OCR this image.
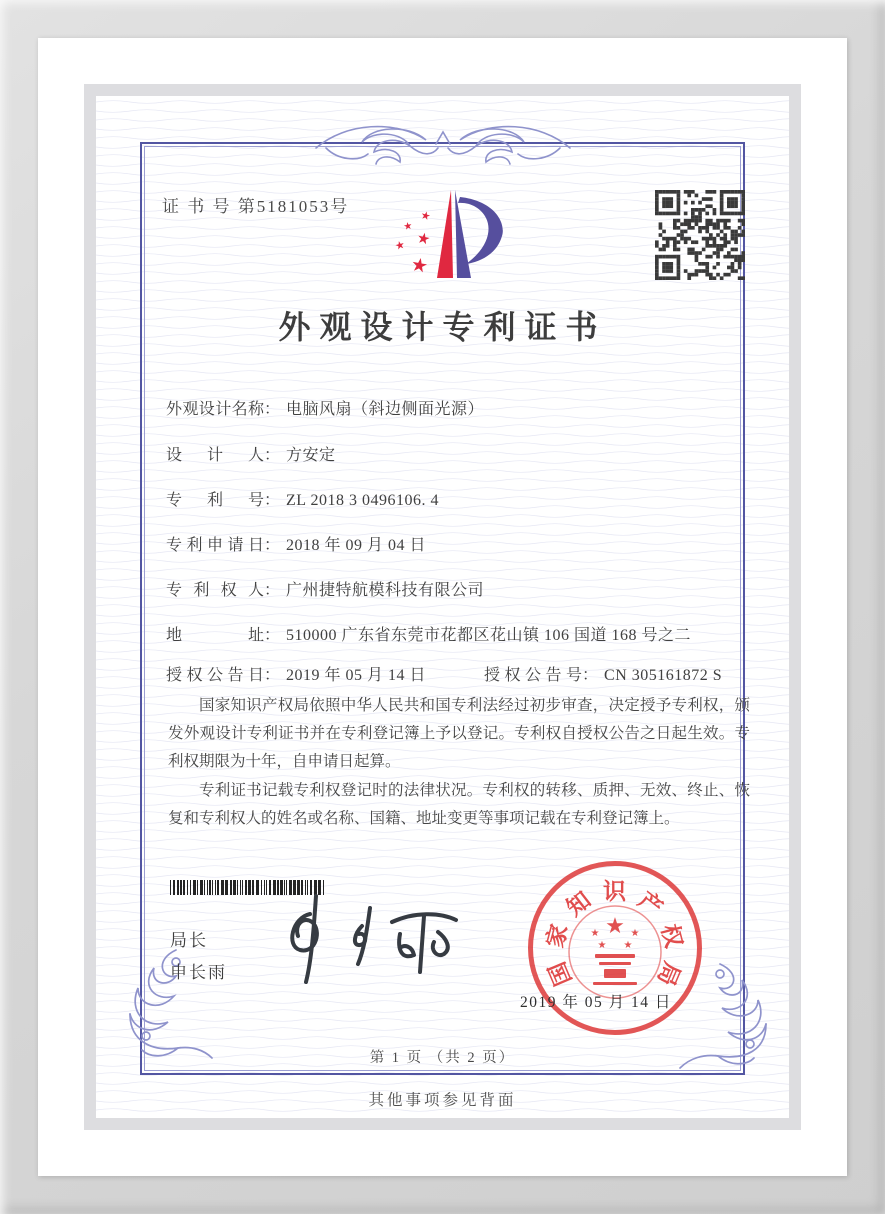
证 书 号 第5181053号
★
★
★
★
★
外观设计专利证书
外观设计名称： 电脑风扇（斜边侧面光源）
设计人： 方安定
专利号： ZL 2018 3 0496106. 4
专利申请日： 2018 年 09 月 04 日
专利权人： 广州捷特航模科技有限公司
地址： 510000 广东省东莞市花都区花山镇 106 国道 168 号之二
授权公告日： 2019 年 05 月 14 日	授权公告号： CN 305161872 S

国家知识产权局依照中华人民共和国专利法经过初步审查，决定授予专利权，颁发外观设计专利证书并在专利登记簿上予以登记。专利权自授权公告之日起生效。专利权期限为十年，自申请日起算。

专利证书记载专利权登记时的法律状况。专利权的转移、质押、无效、终止、恢复和专利权人的姓名或名称、国籍、地址变更等事项记载在专利登记簿上。

局长
申长雨	国
家
知 识 产
权
局
★
★	★
★ ★
2019 年 05 月 14 日
第 1 页 （共 2 页）
其他事项参见背面
